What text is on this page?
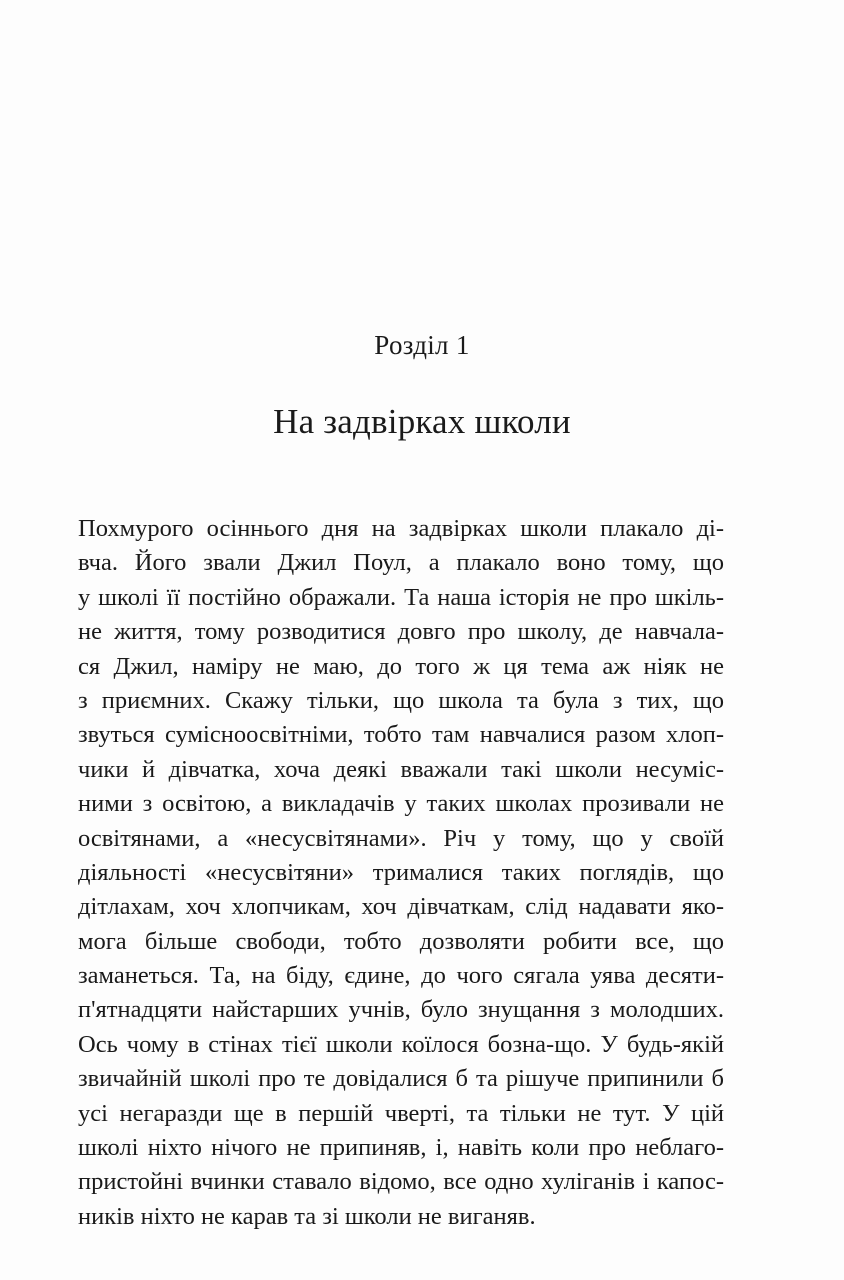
Розділ 1
На задвірках школи
Похмурого осіннього дня на задвірках школи плакало ді-
вча. Його звали Джил Поул, а плакало воно тому, що
у школі її постійно ображали. Та наша історія не про шкіль-
не життя, тому розводитися довго про школу, де навчала-
ся Джил, наміру не маю, до того ж ця тема аж ніяк не
з приємних. Скажу тільки, що школа та була з тих, що
звуться сумісноосвітніми, тобто там навчалися разом хлоп-
чики й дівчатка, хоча деякі вважали такі школи несуміс-
ними з освітою, а викладачів у таких школах прозивали не
освітянами, а «несусвітянами». Річ у тому, що у своїй
діяльності «несусвітяни» трималися таких поглядів, що
дітлахам, хоч хлопчикам, хоч дівчаткам, слід надавати яко-
мога більше свободи, тобто дозволяти робити все, що
заманеться. Та, на біду, єдине, до чого сягала уява десяти-
п'ятнадцяти найстарших учнів, було знущання з молодших.
Ось чому в стінах тієї школи коїлося бозна-що. У будь-якій
звичайній школі про те довідалися б та рішуче припинили б
усі негаразди ще в першій чверті, та тільки не тут. У цій
школі ніхто нічого не припиняв, і, навіть коли про неблаго-
пристойні вчинки ставало відомо, все одно хуліганів і капос-
ників ніхто не карав та зі школи не виганяв.
